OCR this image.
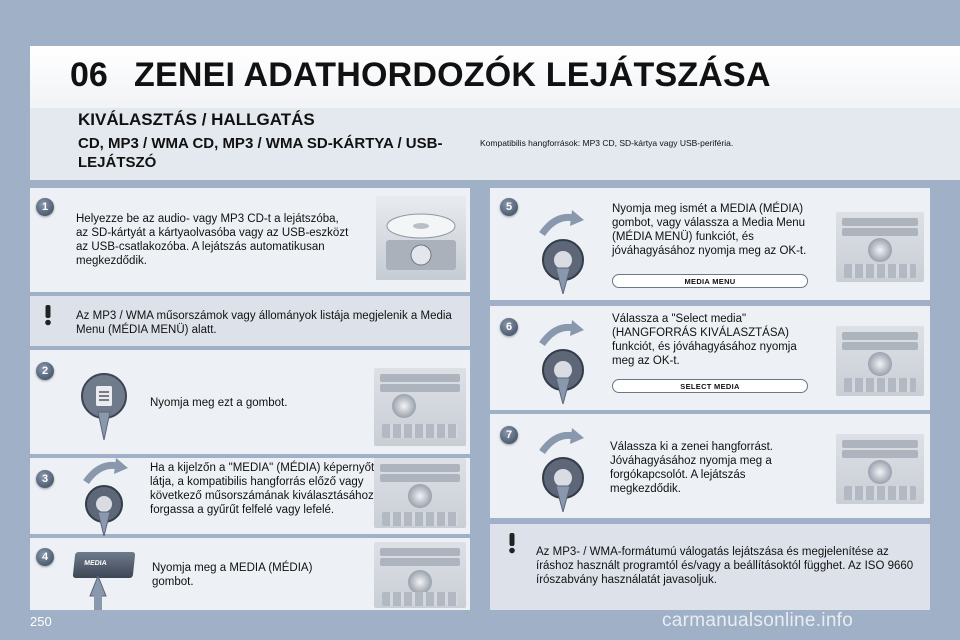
06 ZENEI ADATHORDOZÓK LEJÁTSZÁSA
KIVÁLASZTÁS / HALLGATÁS
CD, MP3 / WMA CD, MP3 / WMA SD-KÁRTYA / USB-LEJÁTSZÓ
Kompatibilis hangforrások: MP3 CD, SD-kártya vagy USB-periféria.
1
Helyezze be az audio- vagy MP3 CD-t a lejátszóba, az SD-kártyát a kártyaolvasóba vagy az USB-eszközt az USB-csatlakozóba. A lejátszás automatikusan megkezdődik.
Az MP3 / WMA műsorszámok vagy állományok listája megjelenik a Media Menu (MÉDIA MENÜ) alatt.
2
Nyomja meg ezt a gombot.
3
Ha a kijelzőn a "MEDIA" (MÉDIA) képernyőt látja, a kompatibilis hangforrás előző vagy következő műsorszámának kiválasztásához forgassa a gyűrűt felfelé vagy lefelé.
4
MEDIA	Nyomja meg a MEDIA (MÉDIA) gombot.
5	Nyomja meg ismét a MEDIA (MÉDIA) gombot, vagy válassza a Media Menu (MÉDIA MENÜ) funkciót, és jóváhagyásához nyomja meg az OK-t.
MEDIA MENU
6
Válassza a "Select media" (HANGFORRÁS KIVÁLASZTÁSA) funkciót, és jóváhagyásához nyomja meg az OK-t.
SELECT MEDIA
7
Válassza ki a zenei hangforrást. Jóváhagyásához nyomja meg a forgókapcsolót. A lejátszás megkezdődik.
Az MP3- / WMA-formátumú válogatás lejátszása és megjelenítése az íráshoz használt programtól és/vagy a beállításoktól függhet. Az ISO 9660 írószabvány használatát javasoljuk.
250	carmanualsonline.info
